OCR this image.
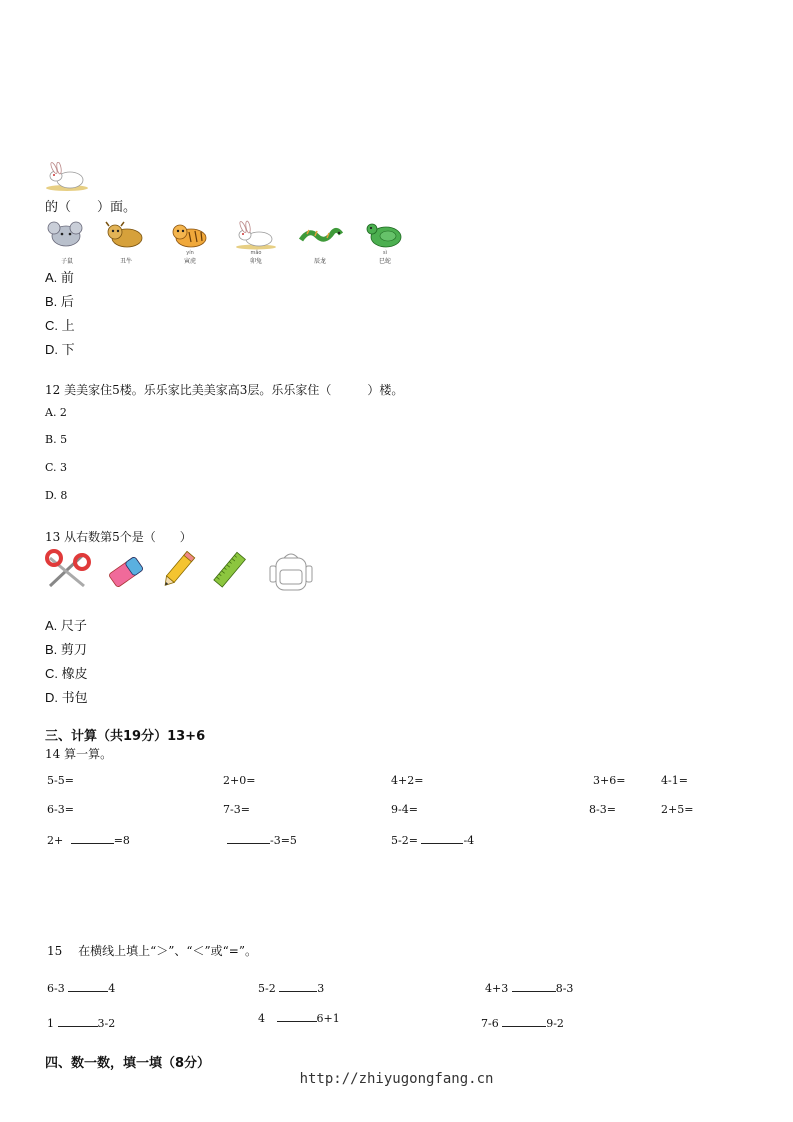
的（　　）面。
子鼠	丑牛
yín
寅虎
mǎo
卯兔	辰龙
sì
巳蛇
A. 前
B. 后
C. 上
D. 下
12 美美家住5楼。乐乐家比美美家高3层。乐乐家住（　　　）楼。
A. 2
B. 5
C. 3
D. 8
13 从右数第5个是（　　）
A. 尺子
B. 剪刀
C. 橡皮
D. 书包
三、计算（共19分）13+6
14 算一算。
5-5=	2+0=	4+2=	3+6=	4-1=
6-3=	7-3=	9-4=	8-3=	2+5=
2+	=8	-3=5	5-2=	-4
15　 在横线上填上“＞”、“＜”或“=”。
6-3	4	5-2	3	4+3	8-3
1	3-2	4	6+1	7-6	9-2
四、数一数，填一填（8分）
http://zhiyugongfang.cn
